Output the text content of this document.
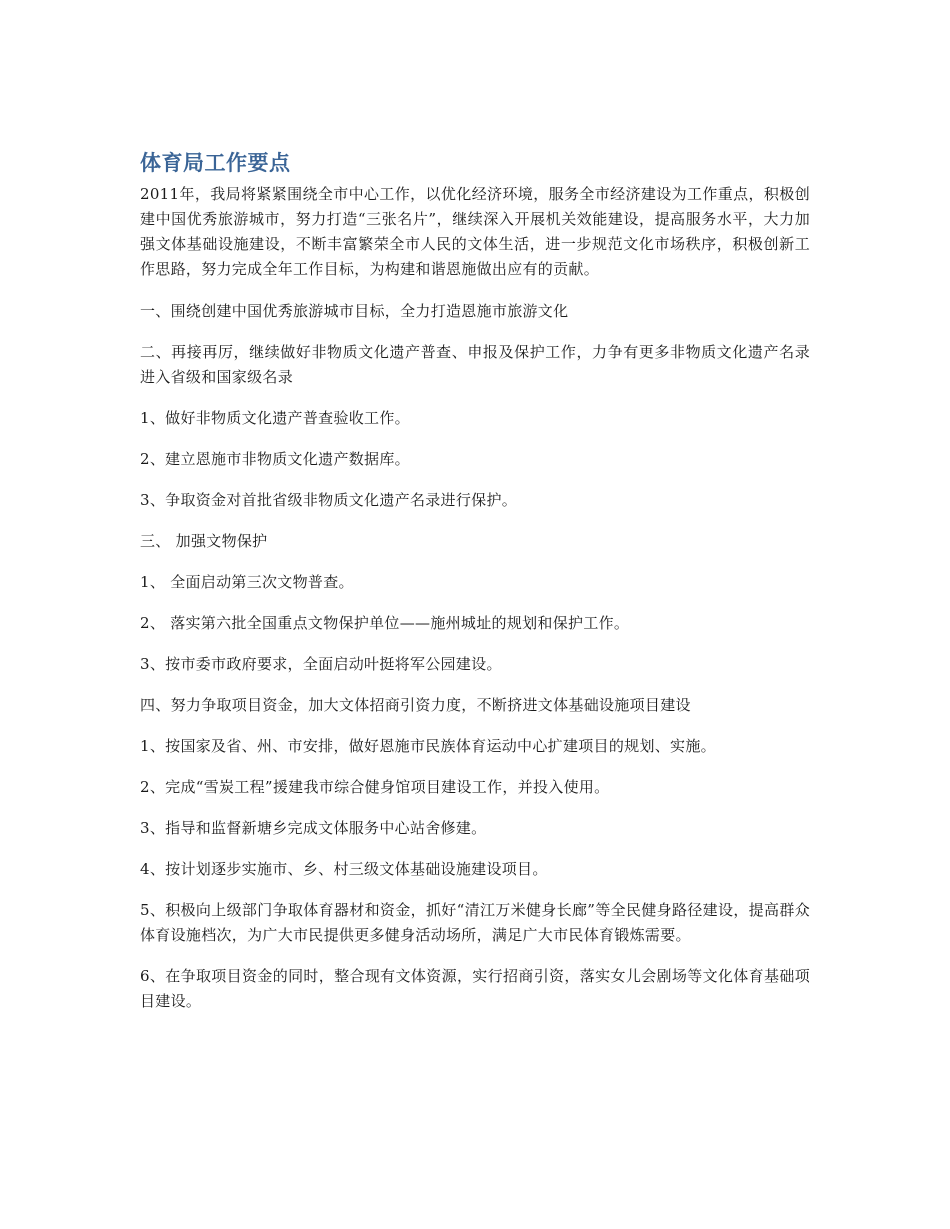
体育局工作要点

2011年，我局将紧紧围绕全市中心工作，以优化经济环境，服务全市经济建设为工作重点，积极创建中国优秀旅游城市，努力打造“三张名片”，继续深入开展机关效能建设，提高服务水平，大力加强文体基础设施建设，不断丰富繁荣全市人民的文体生活，进一步规范文化市场秩序，积极创新工作思路，努力完成全年工作目标，为构建和谐恩施做出应有的贡献。

一、围绕创建中国优秀旅游城市目标，全力打造恩施市旅游文化

二、再接再厉，继续做好非物质文化遗产普查、申报及保护工作，力争有更多非物质文化遗产名录进入省级和国家级名录

1、做好非物质文化遗产普查验收工作。

2、建立恩施市非物质文化遗产数据库。

3、争取资金对首批省级非物质文化遗产名录进行保护。

三、 加强文物保护

1、 全面启动第三次文物普查。

2、 落实第六批全国重点文物保护单位——施州城址的规划和保护工作。

3、按市委市政府要求，全面启动叶挺将军公园建设。

四、努力争取项目资金，加大文体招商引资力度，不断挤进文体基础设施项目建设

1、按国家及省、州、市安排，做好恩施市民族体育运动中心扩建项目的规划、实施。

2、完成“雪炭工程”援建我市综合健身馆项目建设工作，并投入使用。

3、指导和监督新塘乡完成文体服务中心站舍修建。

4、按计划逐步实施市、乡、村三级文体基础设施建设项目。

5、积极向上级部门争取体育器材和资金，抓好“清江万米健身长廊”等全民健身路径建设，提高群众体育设施档次，为广大市民提供更多健身活动场所，满足广大市民体育锻炼需要。

6、在争取项目资金的同时，整合现有文体资源，实行招商引资，落实女儿会剧场等文化体育基础项目建设。
